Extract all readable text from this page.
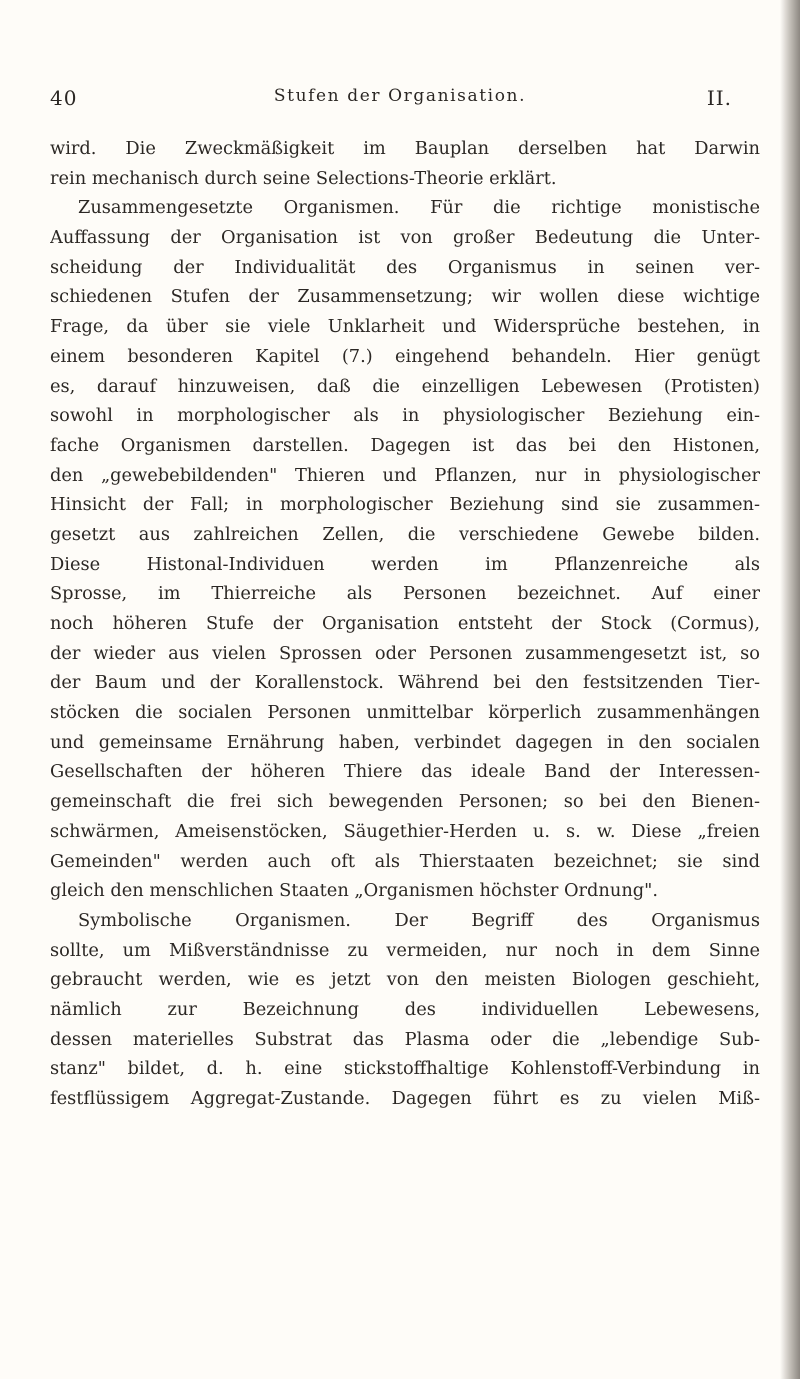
40	Stufen der Organisation.	II.
wird. Die Zweckmäßigkeit im Bauplan derselben hat Darwin
rein mechanisch durch seine Selections-Theorie erklärt.
Zusammengesetzte Organismen. Für die richtige monistische
Auffassung der Organisation ist von großer Bedeutung die Unter-
scheidung der Individualität des Organismus in seinen ver-
schiedenen Stufen der Zusammensetzung; wir wollen diese wichtige
Frage, da über sie viele Unklarheit und Widersprüche bestehen, in
einem besonderen Kapitel (7.) eingehend behandeln. Hier genügt
es, darauf hinzuweisen, daß die einzelligen Lebewesen (Protisten)
sowohl in morphologischer als in physiologischer Beziehung ein-
fache Organismen darstellen. Dagegen ist das bei den Histonen,
den „gewebebildenden" Thieren und Pflanzen, nur in physiologischer
Hinsicht der Fall; in morphologischer Beziehung sind sie zusammen-
gesetzt aus zahlreichen Zellen, die verschiedene Gewebe bilden.
Diese Histonal-Individuen werden im Pflanzenreiche als
Sprosse, im Thierreiche als Personen bezeichnet. Auf einer
noch höheren Stufe der Organisation entsteht der Stock (Cormus),
der wieder aus vielen Sprossen oder Personen zusammengesetzt ist, so
der Baum und der Korallenstock. Während bei den festsitzenden Tier-
stöcken die socialen Personen unmittelbar körperlich zusammenhängen
und gemeinsame Ernährung haben, verbindet dagegen in den socialen
Gesellschaften der höheren Thiere das ideale Band der Interessen-
gemeinschaft die frei sich bewegenden Personen; so bei den Bienen-
schwärmen, Ameisenstöcken, Säugethier-Herden u. s. w. Diese „freien
Gemeinden" werden auch oft als Thierstaaten bezeichnet; sie sind
gleich den menschlichen Staaten „Organismen höchster Ordnung".
Symbolische Organismen. Der Begriff des Organismus
sollte, um Mißverständnisse zu vermeiden, nur noch in dem Sinne
gebraucht werden, wie es jetzt von den meisten Biologen geschieht,
nämlich zur Bezeichnung des individuellen Lebewesens,
dessen materielles Substrat das Plasma oder die „lebendige Sub-
stanz" bildet, d. h. eine stickstoffhaltige Kohlenstoff-Verbindung in
festflüssigem Aggregat-Zustande. Dagegen führt es zu vielen Miß-
